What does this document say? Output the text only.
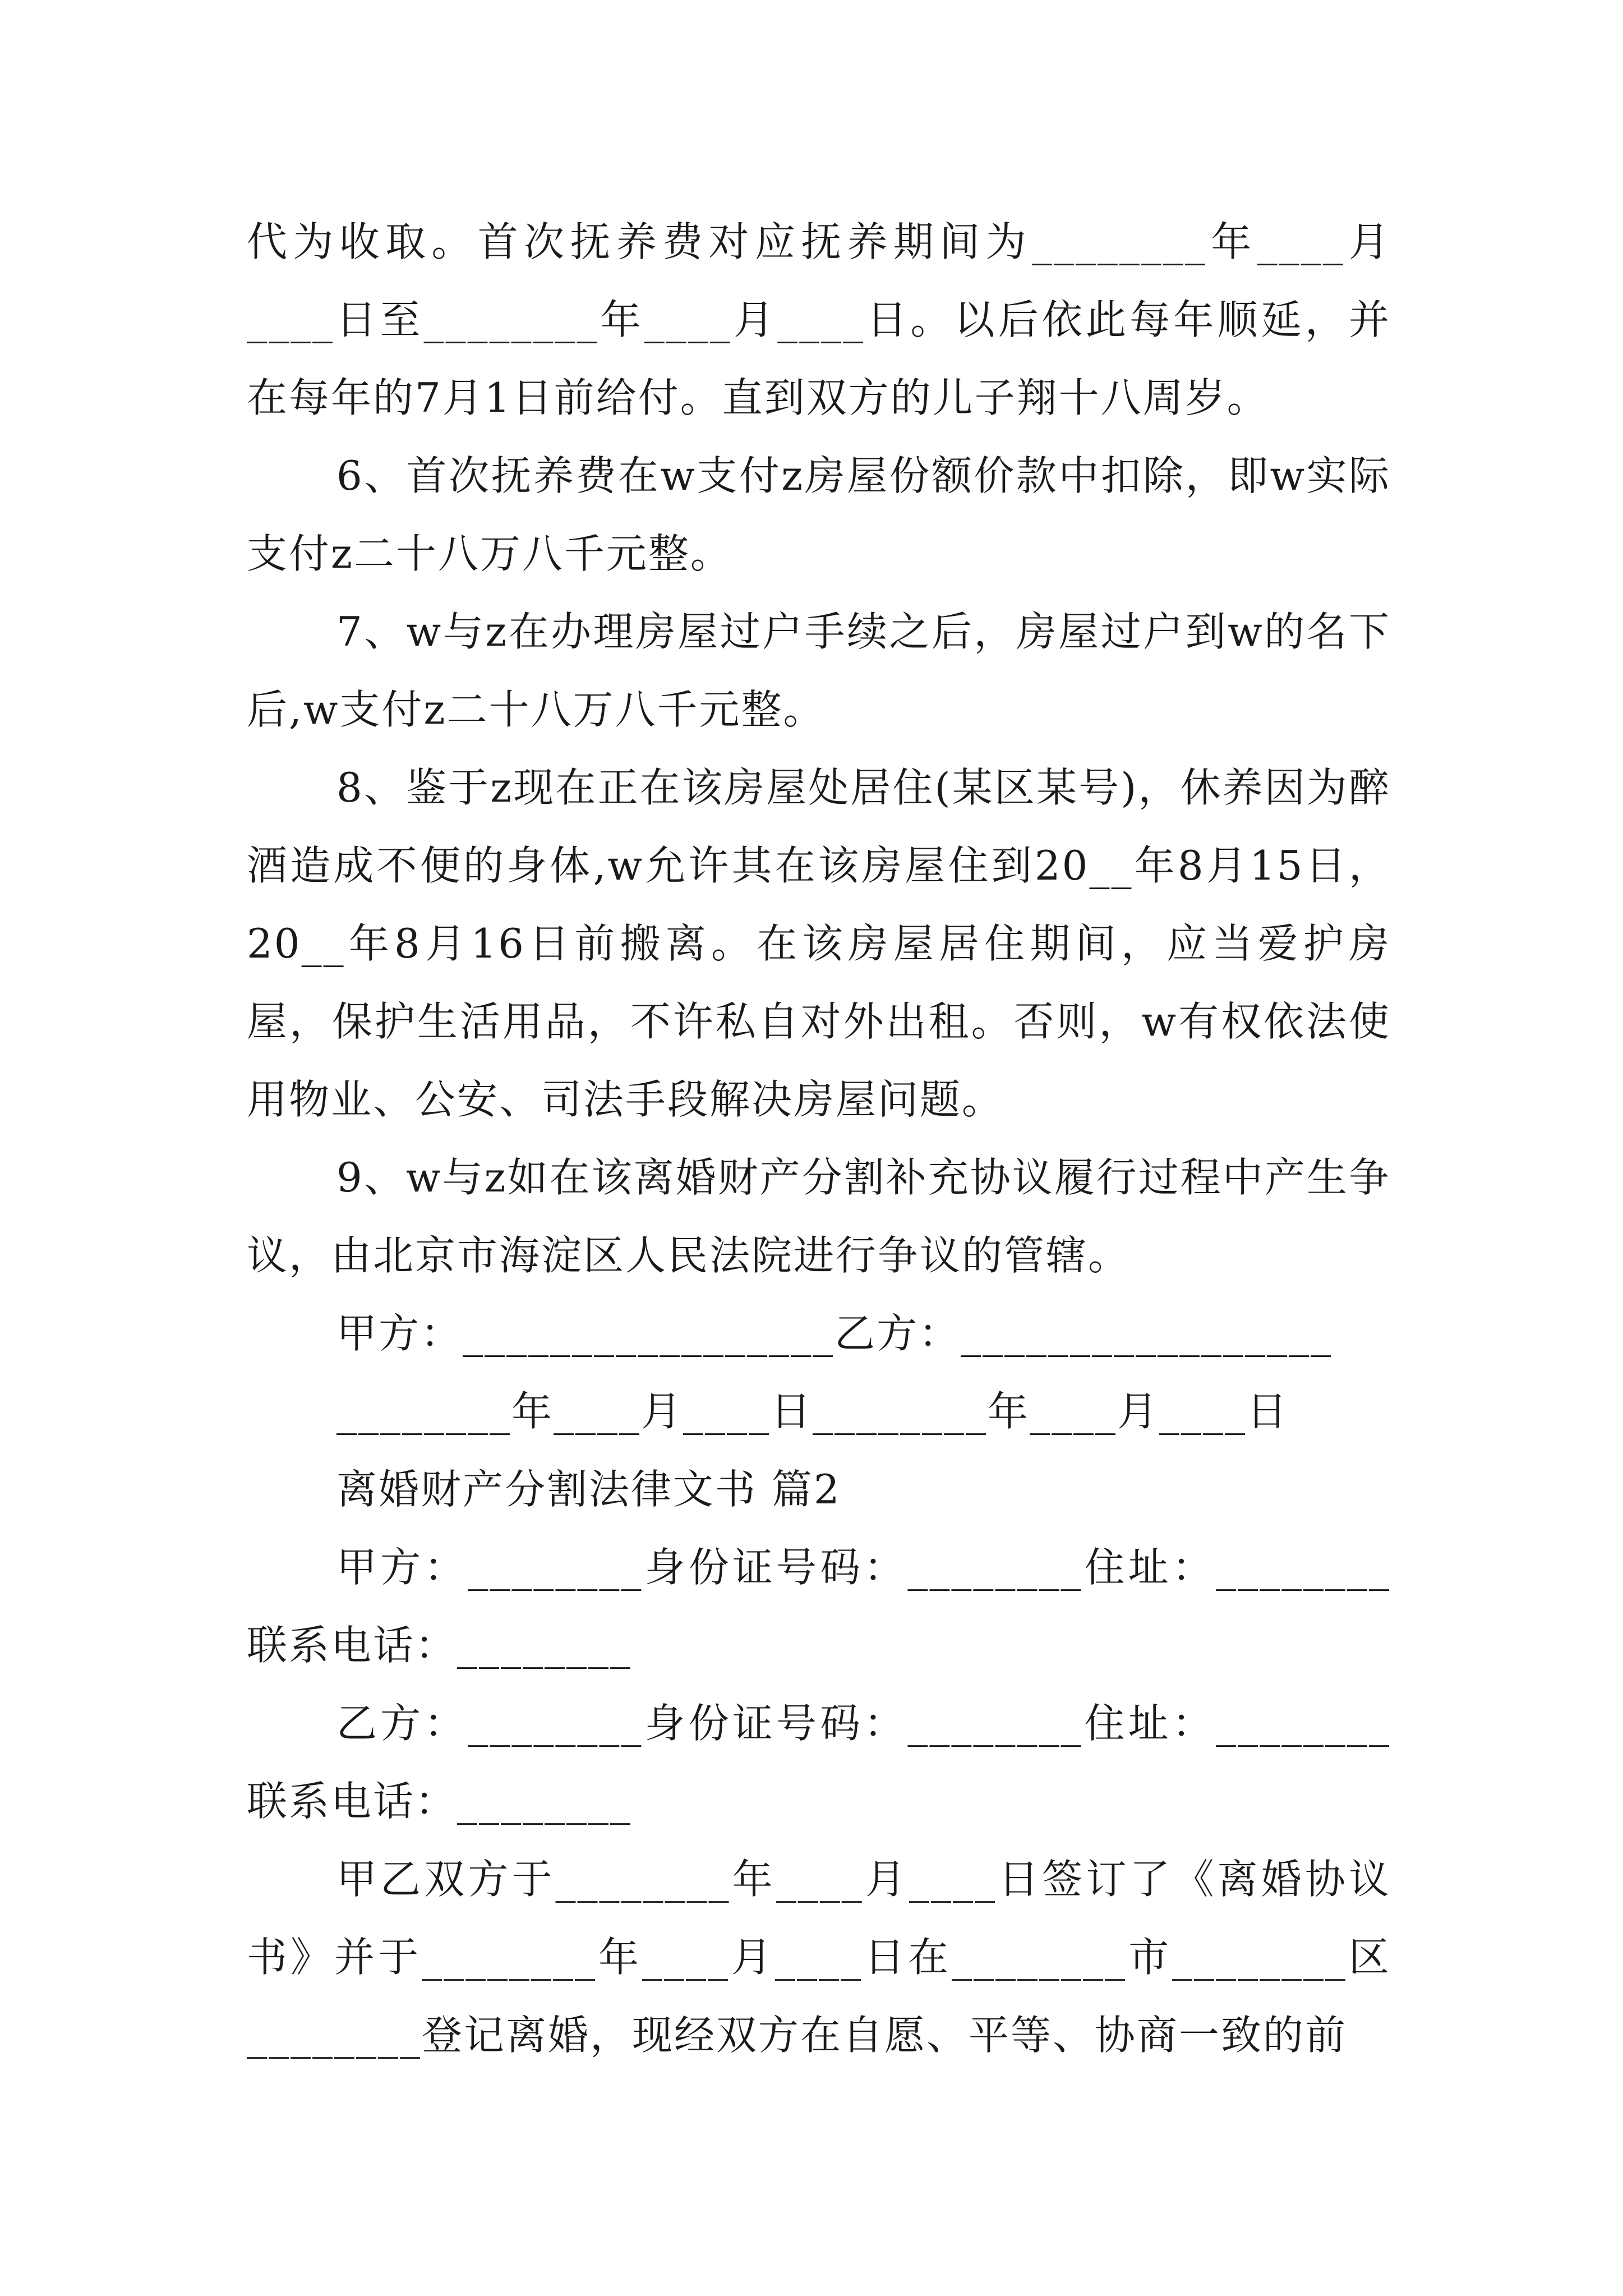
代为收取。首次抚养费对应抚养期间为________年____月____日至________年____月____日。以后依此每年顺延，并在每年的7月1日前给付。直到双方的儿子翔十八周岁。

6、首次抚养费在w支付z房屋份额价款中扣除，即w实际支付z二十八万八千元整。

7、w与z在办理房屋过户手续之后，房屋过户到w的名下后,w支付z二十八万八千元整。

8、鉴于z现在正在该房屋处居住(某区某号)，休养因为醉酒造成不便的身体,w允许其在该房屋住到20__年8月15日，20__年8月16日前搬离。在该房屋居住期间，应当爱护房屋，保护生活用品，不许私自对外出租。否则，w有权依法使用物业、公安、司法手段解决房屋问题。

9、w与z如在该离婚财产分割补充协议履行过程中产生争议，由北京市海淀区人民法院进行争议的管辖。

甲方：_________________乙方：_________________

________年____月____日________年____月____日

离婚财产分割法律文书 篇2

甲方：________身份证号码：________住址：________联系电话：________

乙方：________身份证号码：________住址：________联系电话：________

甲乙双方于________年____月____日签订了《离婚协议书》并于________年____月____日在________市________区________登记离婚，现经双方在自愿、平等、协商一致的前
